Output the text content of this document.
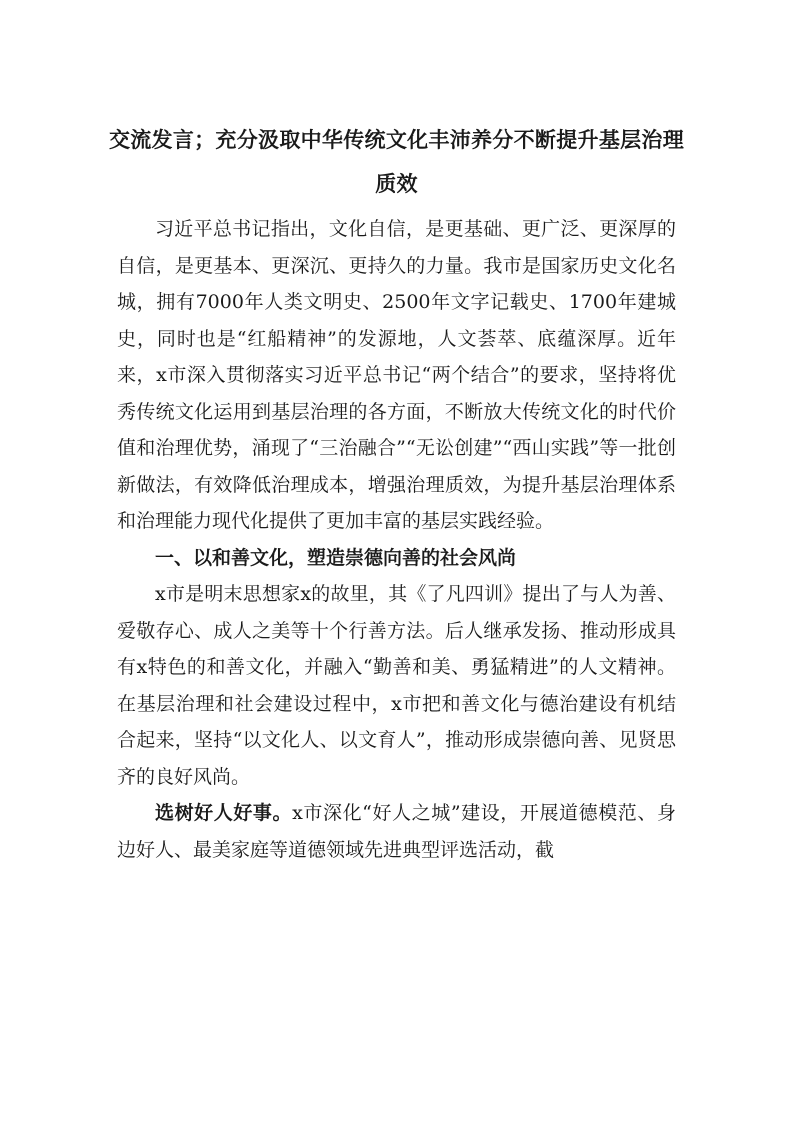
交流发言；充分汲取中华传统文化丰沛养分不断提升基层治理质效

习近平总书记指出，文化自信，是更基础、更广泛、更深厚的自信，是更基本、更深沉、更持久的力量。我市是国家历史文化名城，拥有7000年人类文明史、2500年文字记载史、1700年建城史，同时也是“红船精神”的发源地，人文荟萃、底蕴深厚。近年来，x市深入贯彻落实习近平总书记“两个结合”的要求，坚持将优秀传统文化运用到基层治理的各方面，不断放大传统文化的时代价值和治理优势，涌现了“三治融合”“无讼创建”“西山实践”等一批创新做法，有效降低治理成本，增强治理质效，为提升基层治理体系和治理能力现代化提供了更加丰富的基层实践经验。

一、以和善文化，塑造崇德向善的社会风尚

x市是明末思想家x的故里，其《了凡四训》提出了与人为善、爱敬存心、成人之美等十个行善方法。后人继承发扬、推动形成具有x特色的和善文化，并融入“勤善和美、勇猛精进”的人文精神。在基层治理和社会建设过程中，x市把和善文化与德治建设有机结合起来，坚持“以文化人、以文育人”，推动形成崇德向善、见贤思齐的良好风尚。

选树好人好事。x市深化“好人之城”建设，开展道德模范、身边好人、最美家庭等道德领域先进典型评选活动，截
